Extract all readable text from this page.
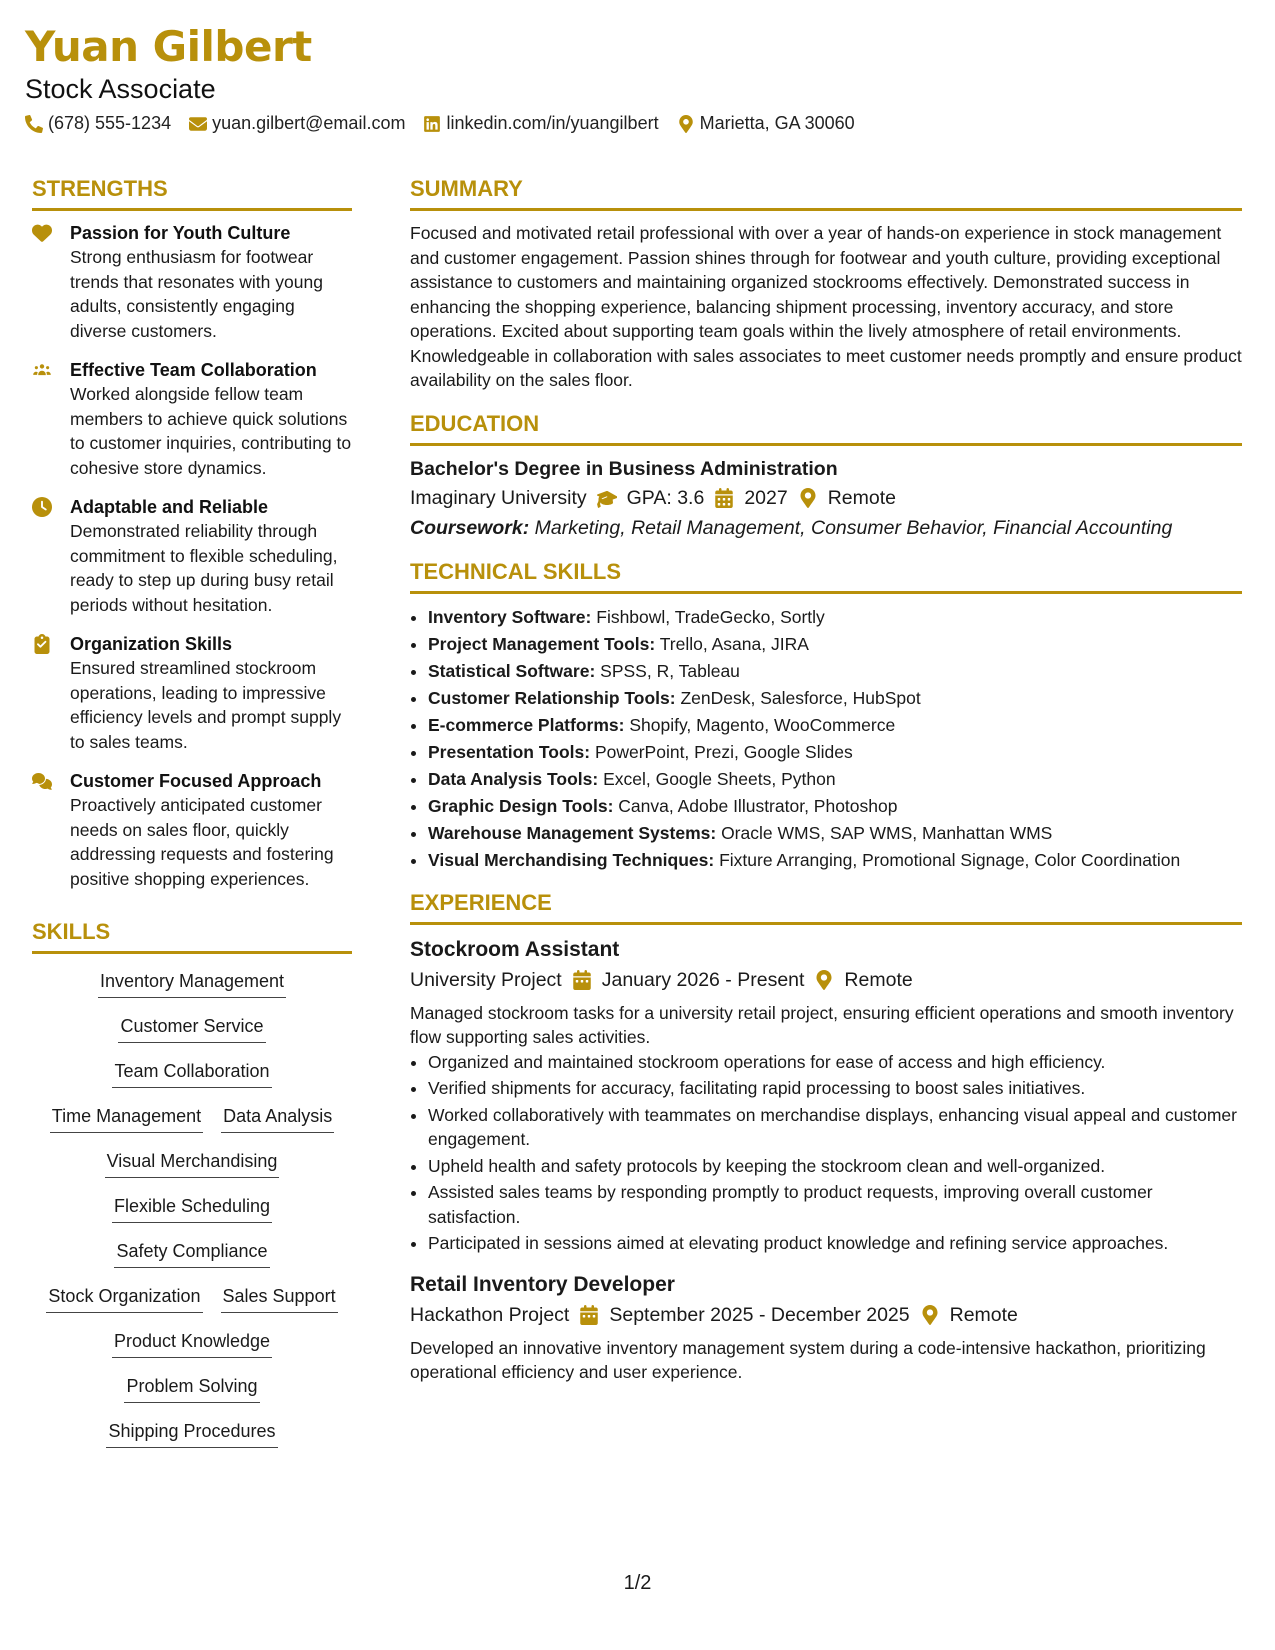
Yuan Gilbert
Stock Associate
(678) 555-1234 yuan.gilbert@email.com linkedin.com/in/yuangilbert Marietta, GA 30060
STRENGTHS
Passion for Youth Culture
Strong enthusiasm for footwear trends that resonates with young adults, consistently engaging diverse customers.
Effective Team Collaboration
Worked alongside fellow team members to achieve quick solutions to customer inquiries, contributing to cohesive store dynamics.
Adaptable and Reliable
Demonstrated reliability through commitment to flexible scheduling, ready to step up during busy retail periods without hesitation.
Organization Skills
Ensured streamlined stockroom operations, leading to impressive efficiency levels and prompt supply to sales teams.
Customer Focused Approach
Proactively anticipated customer needs on sales floor, quickly addressing requests and fostering positive shopping experiences.
SKILLS
Inventory Management
Customer Service
Team Collaboration
Time Management Data Analysis
Visual Merchandising
Flexible Scheduling
Safety Compliance
Stock Organization Sales Support
Product Knowledge
Problem Solving
Shipping Procedures
SUMMARY
Focused and motivated retail professional with over a year of hands-on experience in stock management and customer engagement. Passion shines through for footwear and youth culture, providing exceptional assistance to customers and maintaining organized stockrooms effectively. Demonstrated success in enhancing the shopping experience, balancing shipment processing, inventory accuracy, and store operations. Excited about supporting team goals within the lively atmosphere of retail environments. Knowledgeable in collaboration with sales associates to meet customer needs promptly and ensure product availability on the sales floor.
EDUCATION
Bachelor's Degree in Business Administration
Imaginary University GPA: 3.6 2027 Remote
Coursework: Marketing, Retail Management, Consumer Behavior, Financial Accounting
TECHNICAL SKILLS
• Inventory Software: Fishbowl, TradeGecko, Sortly
• Project Management Tools: Trello, Asana, JIRA
• Statistical Software: SPSS, R, Tableau
• Customer Relationship Tools: ZenDesk, Salesforce, HubSpot
• E-commerce Platforms: Shopify, Magento, WooCommerce
• Presentation Tools: PowerPoint, Prezi, Google Slides
• Data Analysis Tools: Excel, Google Sheets, Python
• Graphic Design Tools: Canva, Adobe Illustrator, Photoshop
• Warehouse Management Systems: Oracle WMS, SAP WMS, Manhattan WMS
• Visual Merchandising Techniques: Fixture Arranging, Promotional Signage, Color Coordination
EXPERIENCE
Stockroom Assistant
University Project January 2026 - Present Remote
Managed stockroom tasks for a university retail project, ensuring efficient operations and smooth inventory flow supporting sales activities.
• Organized and maintained stockroom operations for ease of access and high efficiency.
• Verified shipments for accuracy, facilitating rapid processing to boost sales initiatives.
• Worked collaboratively with teammates on merchandise displays, enhancing visual appeal and customer engagement.
• Upheld health and safety protocols by keeping the stockroom clean and well-organized.
• Assisted sales teams by responding promptly to product requests, improving overall customer satisfaction.
• Participated in sessions aimed at elevating product knowledge and refining service approaches.
Retail Inventory Developer
Hackathon Project September 2025 - December 2025 Remote
Developed an innovative inventory management system during a code-intensive hackathon, prioritizing operational efficiency and user experience.
1/2
